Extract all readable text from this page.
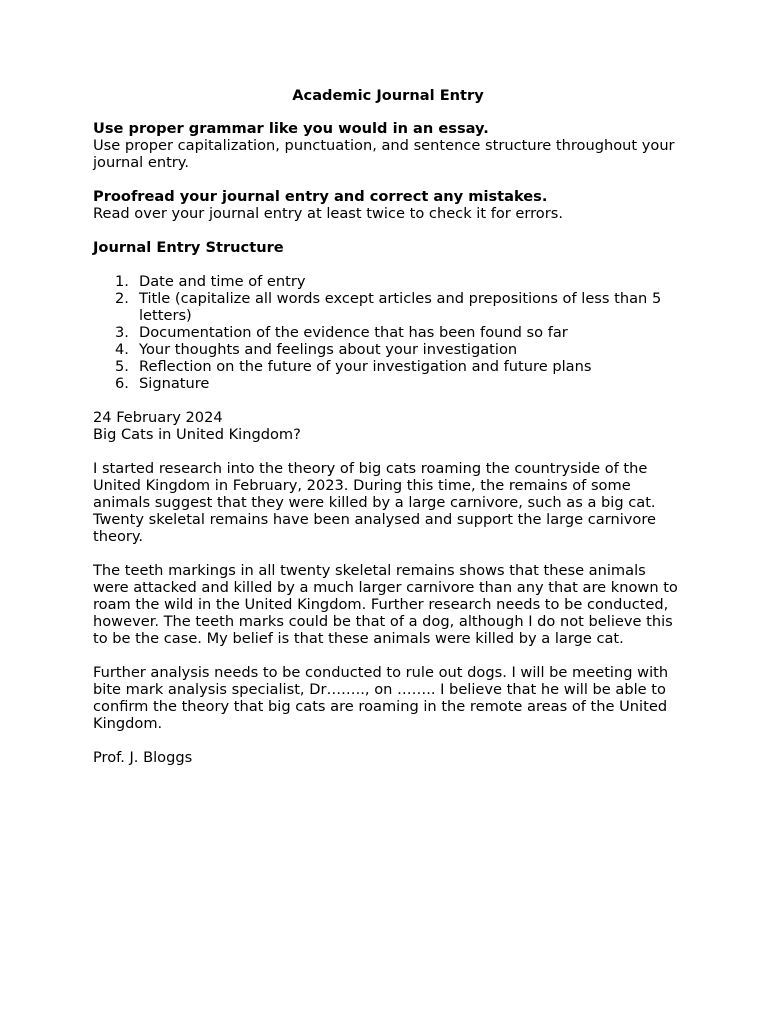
Academic Journal Entry

Use proper grammar like you would in an essay.

Use proper capitalization, punctuation, and sentence structure throughout your journal entry.

Proofread your journal entry and correct any mistakes.

Read over your journal entry at least twice to check it for errors.

Journal Entry Structure

1. Date and time of entry
2. Title (capitalize all words except articles and prepositions of less than 5 letters)
3. Documentation of the evidence that has been found so far
4. Your thoughts and feelings about your investigation
5. Reflection on the future of your investigation and future plans
6. Signature

24 February 2024

Big Cats in United Kingdom?

I started research into the theory of big cats roaming the countryside of the United Kingdom in February, 2023. During this time, the remains of some animals suggest that they were killed by a large carnivore, such as a big cat. Twenty skeletal remains have been analysed and support the large carnivore theory.

The teeth markings in all twenty skeletal remains shows that these animals were attacked and killed by a much larger carnivore than any that are known to roam the wild in the United Kingdom. Further research needs to be conducted, however. The teeth marks could be that of a dog, although I do not believe this to be the case. My belief is that these animals were killed by a large cat.

Further analysis needs to be conducted to rule out dogs. I will be meeting with bite mark analysis specialist, Dr…….., on …….. I believe that he will be able to confirm the theory that big cats are roaming in the remote areas of the United Kingdom.

Prof. J. Bloggs
